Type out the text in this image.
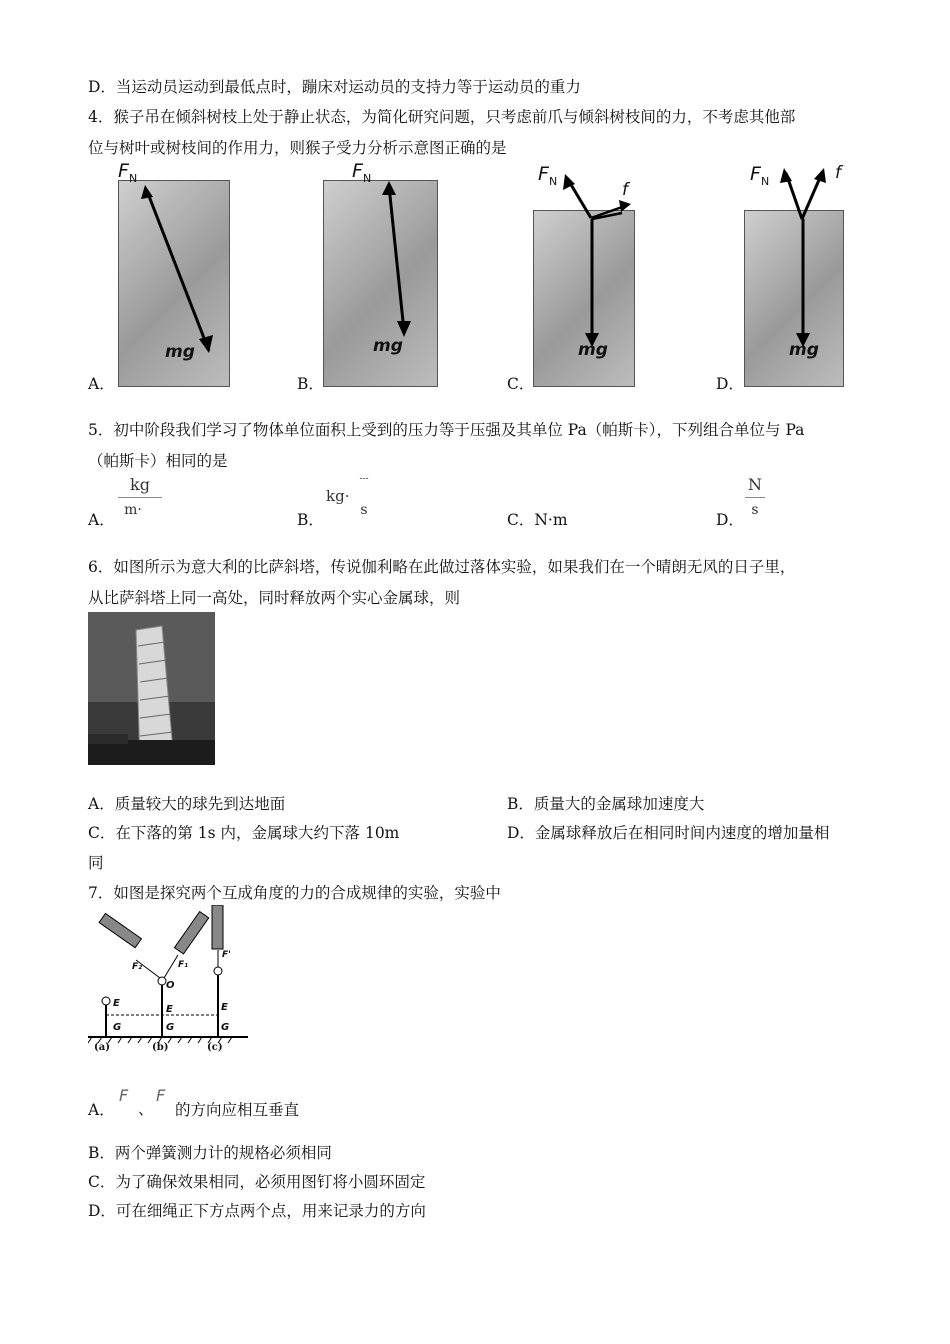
D．当运动员运动到最低点时，蹦床对运动员的支持力等于运动员的重力
4．猴子吊在倾斜树枝上处于静止状态，为简化研究问题，只考虑前爪与倾斜树枝间的力，不考虑其他部
位与树叶或树枝间的作用力，则猴子受力分析示意图正确的是
$F_N$
mg
A．
$F_N$
mg
B．
$F_N$	f
mg
C．
$F_N$	f
mg
D．
5．初中阶段我们学习了物体单位面积上受到的压力等于压强及其单位 Pa（帕斯卡），下列组合单位与 Pa
（帕斯卡）相同的是
A．
kg
m·
B．
kg·
---
s
C．N·m	D．
N
s
6．如图所示为意大利的比萨斜塔，传说伽利略在此做过落体实验，如果我们在一个晴朗无风的日子里，
从比萨斜塔上同一高处，同时释放两个实心金属球，则
A．质量较大的球先到达地面	B．质量大的金属球加速度大
C．在下落的第 1s 内，金属球大约下落 10m	D．金属球释放后在相同时间内速度的增加量相
同
7．如图是探究两个互成角度的力的合成规律的实验，实验中
E
G
E
G
O
F₂	F₁
E
G
F'
(a)	(b)	(c)
A．
F
、
F
的方向应相互垂直
B．两个弹簧测力计的规格必须相同
C．为了确保效果相同，必须用图钉将小圆环固定
D．可在细绳正下方点两个点，用来记录力的方向
